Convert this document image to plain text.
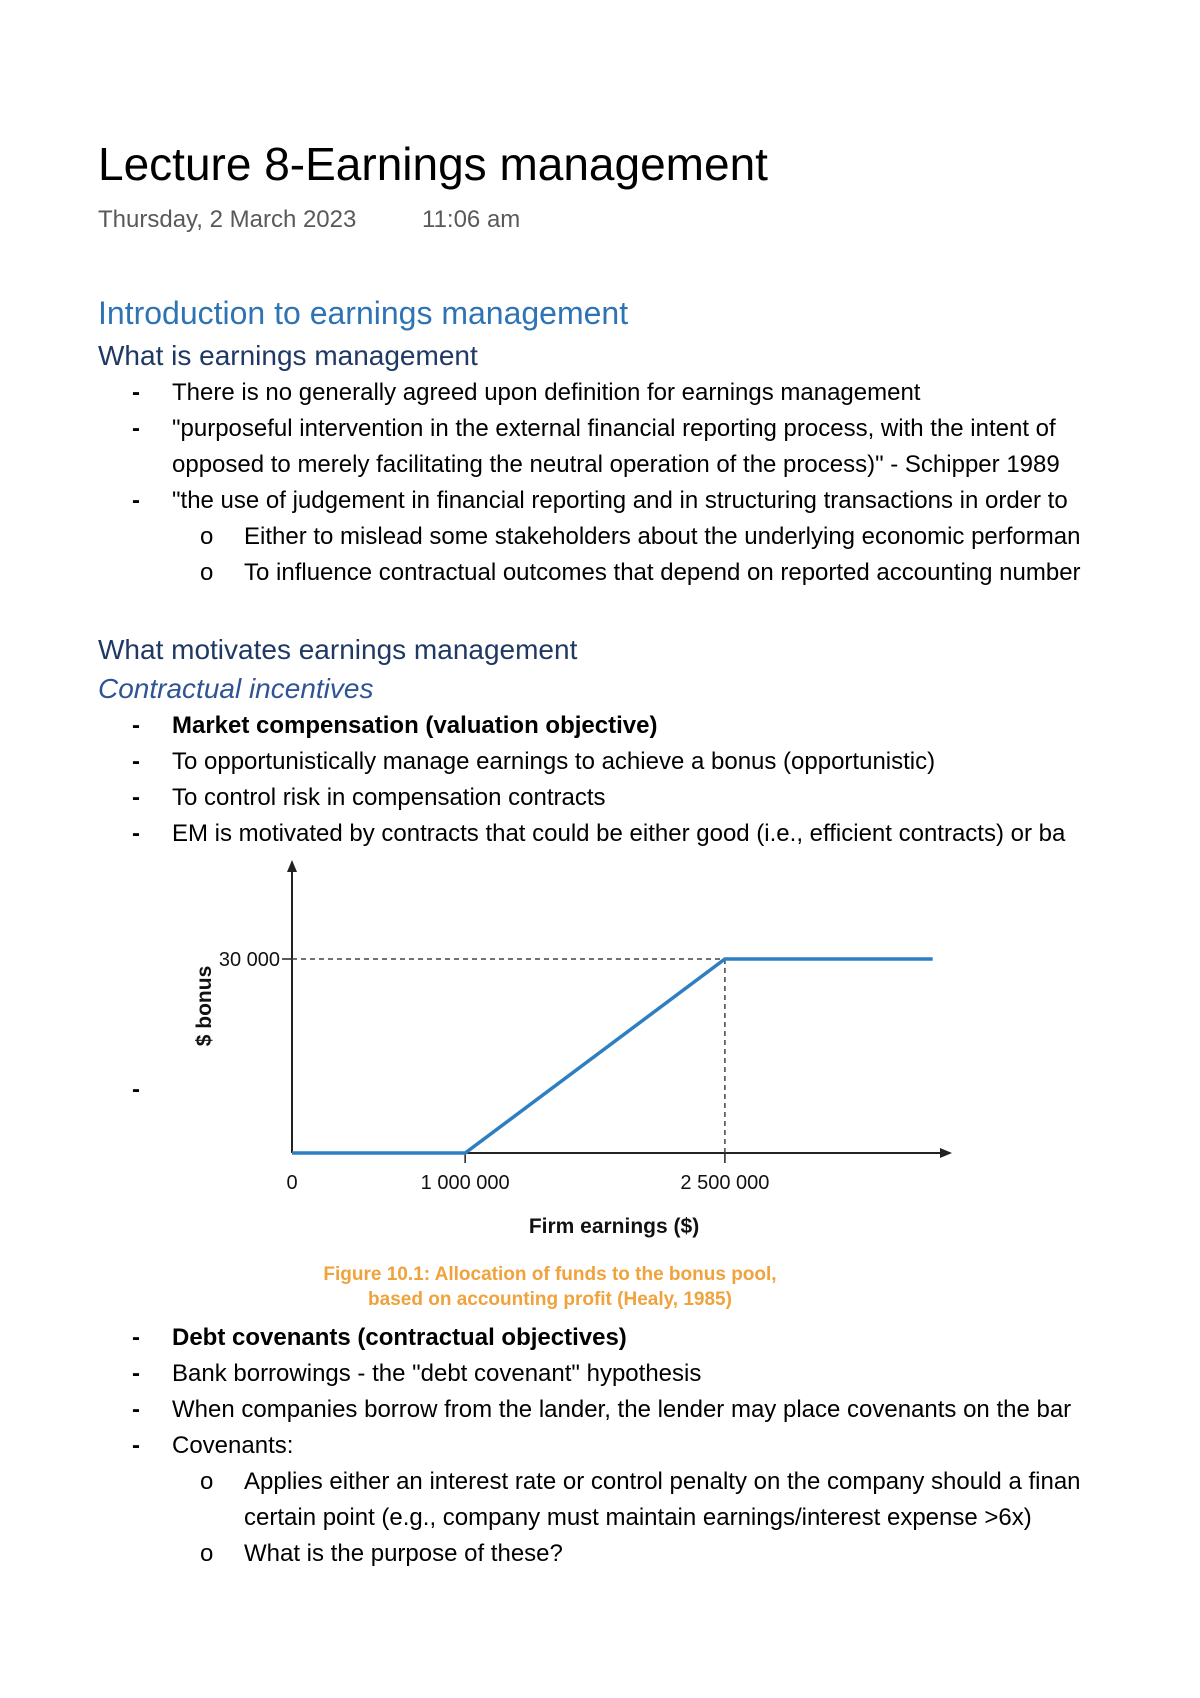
Lecture 8-Earnings management
Thursday, 2 March 2023	11:06 am
Introduction to earnings management
What is earnings management
- There is no generally agreed upon definition for earnings management
- "purposeful intervention in the external financial reporting process, with the intent of
opposed to merely facilitating the neutral operation of the process)" - Schipper 1989
- "the use of judgement in financial reporting and in structuring transactions in order to
o Either to mislead some stakeholders about the underlying economic performan
o To influence contractual outcomes that depend on reported accounting number
What motivates earnings management
Contractual incentives
- Market compensation (valuation objective)
- To opportunistically manage earnings to achieve a bonus (opportunistic)
- To control risk in compensation contracts
- EM is motivated by contracts that could be either good (i.e., efficient contracts) or ba
-
30 000
0	1 000 000	2 500 000
Firm earnings ($)
$ bonus
Figure 10.1: Allocation of funds to the bonus pool,
based on accounting profit (Healy, 1985)
- Debt covenants (contractual objectives)
- Bank borrowings - the "debt covenant" hypothesis
- When companies borrow from the lander, the lender may place covenants on the bar
- Covenants:
o Applies either an interest rate or control penalty on the company should a finan
certain point (e.g., company must maintain earnings/interest expense >6x)
o What is the purpose of these?
